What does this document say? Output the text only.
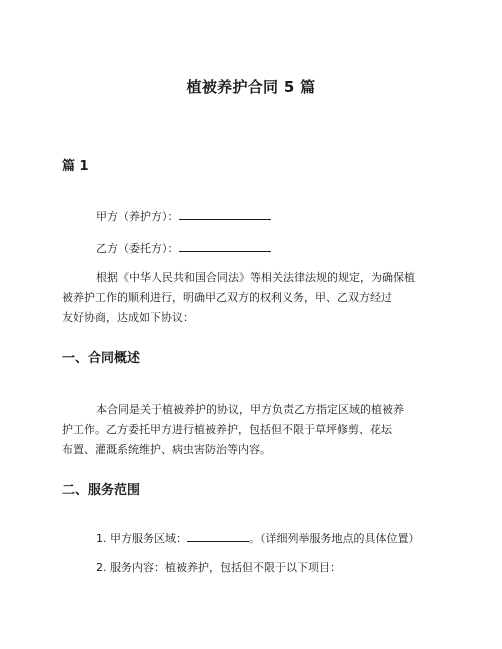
植被养护合同 5 篇
篇 1
甲方（养护方）：
乙方（委托方）：
根据《中华人民共和国合同法》等相关法律法规的规定，为确保植
被养护工作的顺利进行，明确甲乙双方的权利义务，甲、乙双方经过
友好协商，达成如下协议：
一、合同概述
本合同是关于植被养护的协议，甲方负责乙方指定区域的植被养
护工作。乙方委托甲方进行植被养护，包括但不限于草坪修剪、花坛
布置、灌溉系统维护、病虫害防治等内容。
二、服务范围
1. 甲方服务区域：	。（详细列举服务地点的具体位置）
2. 服务内容：植被养护，包括但不限于以下项目：
